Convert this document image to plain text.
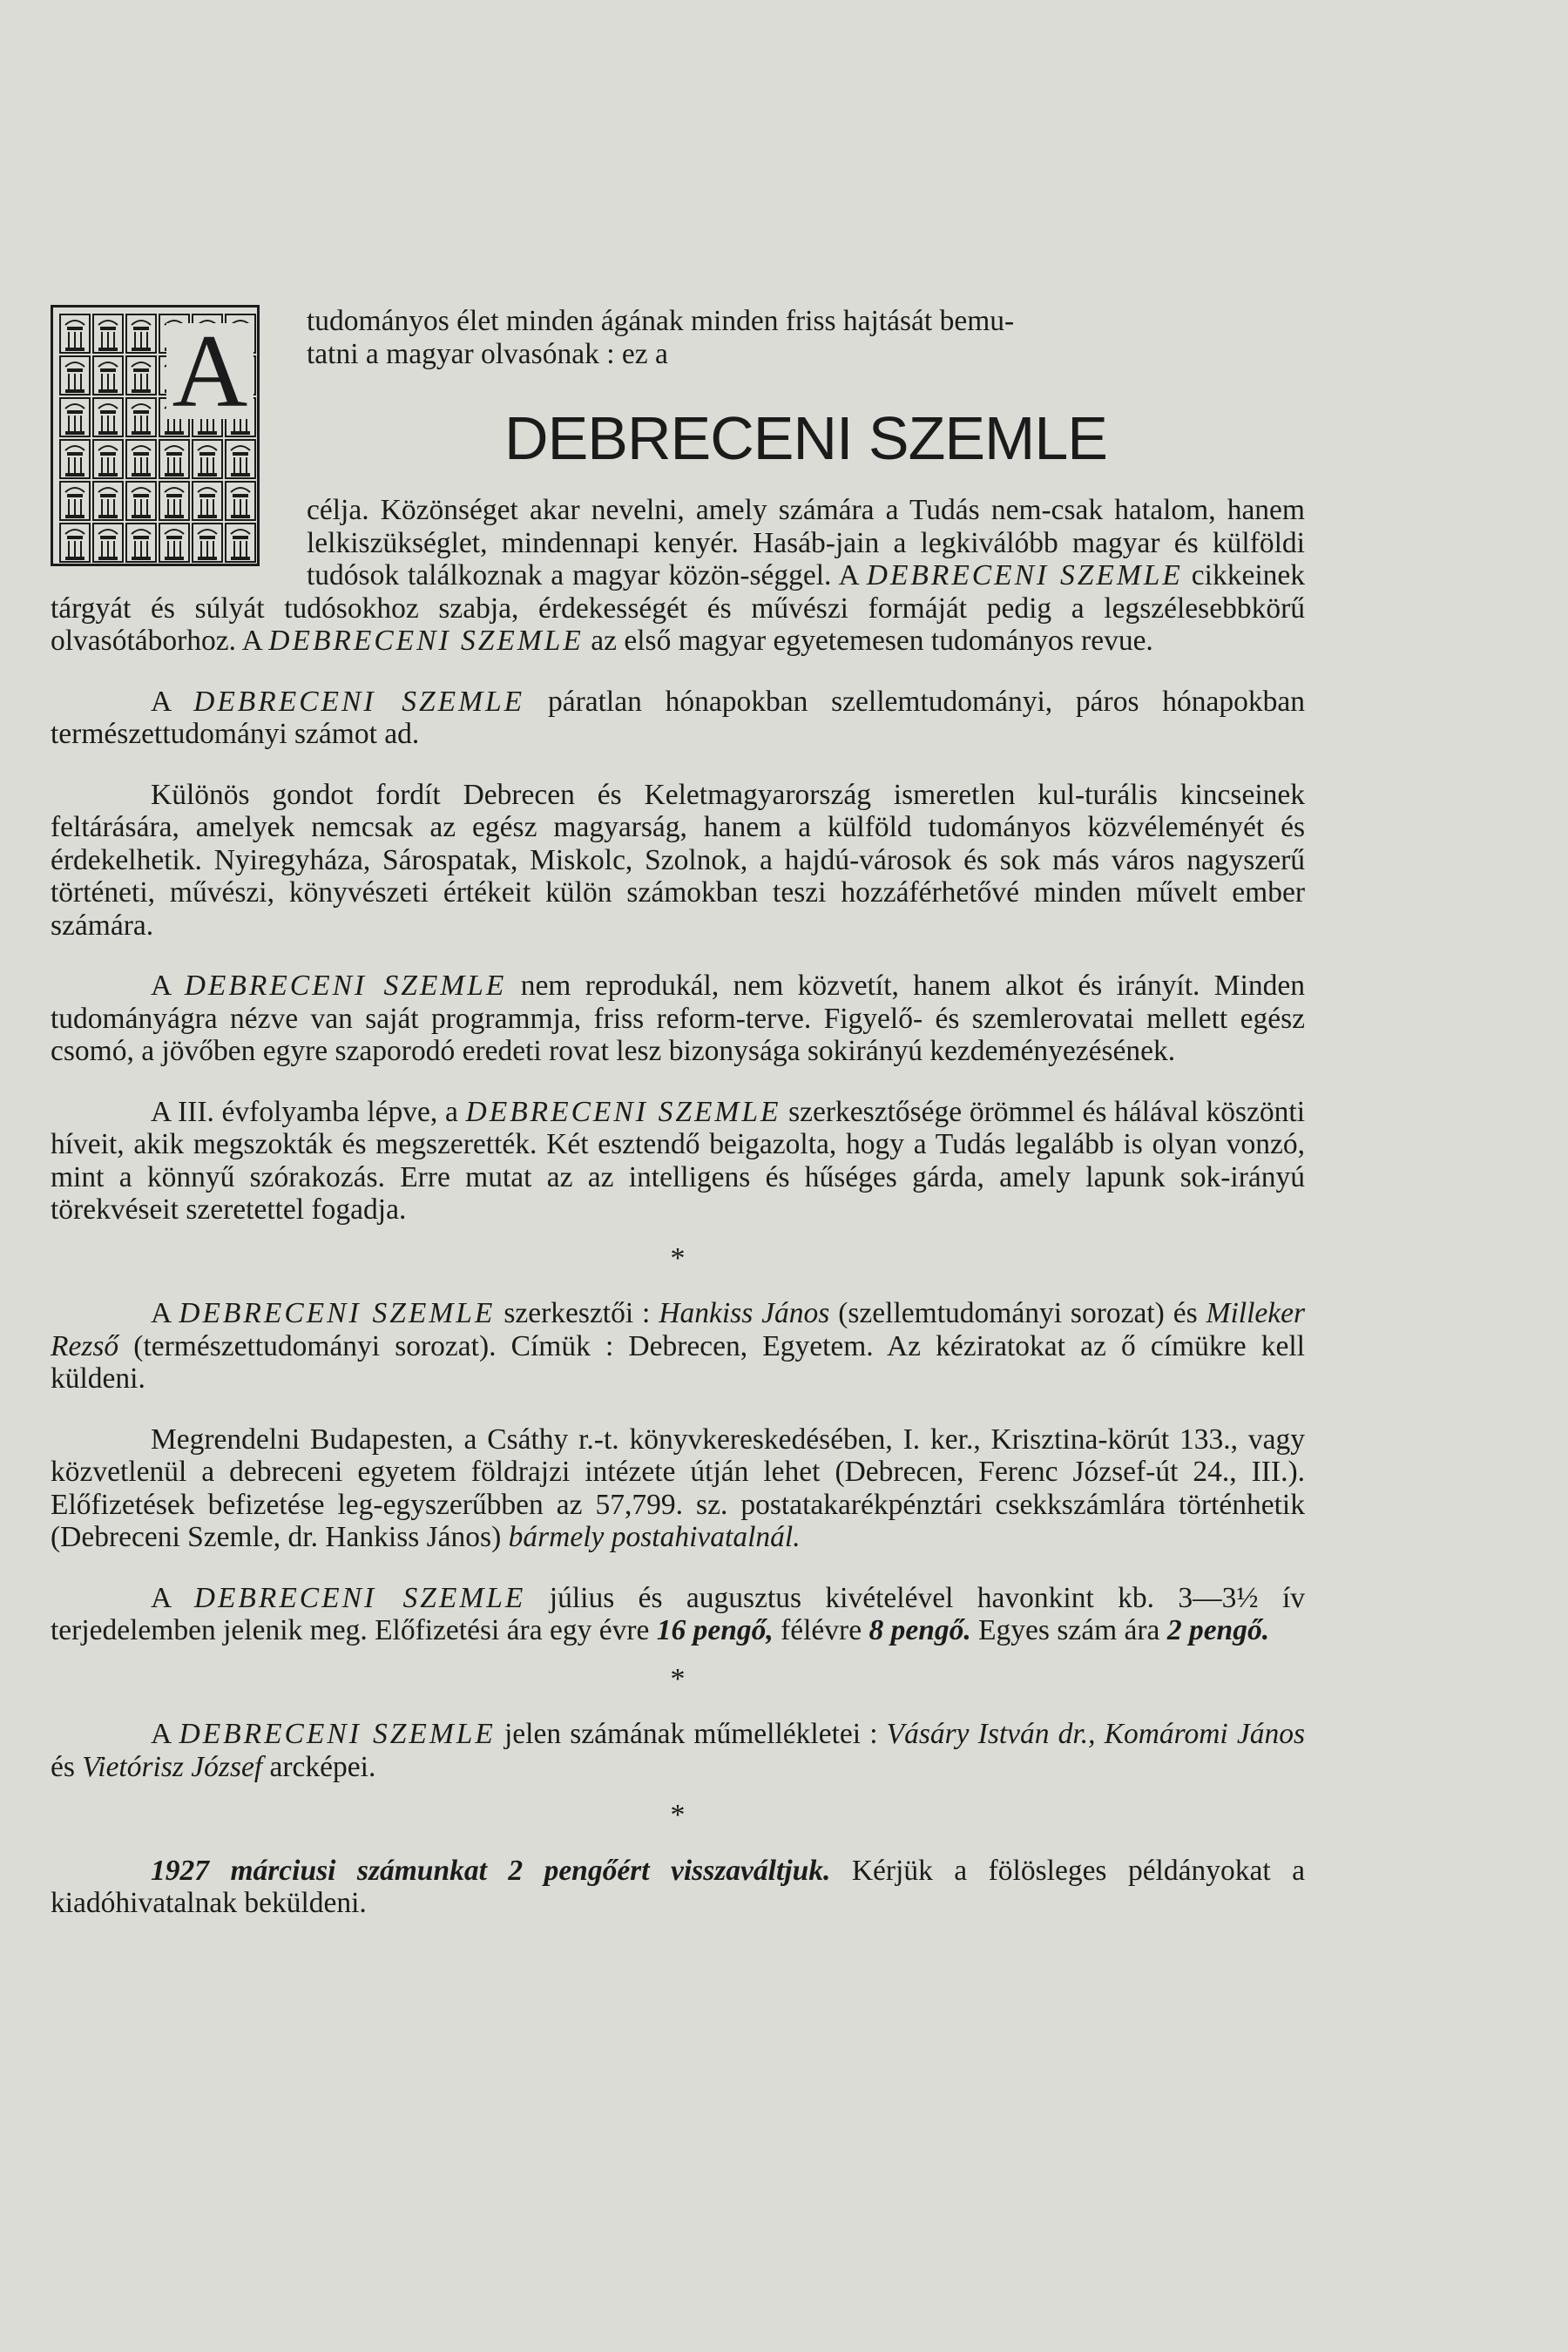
A	tudományos élet minden ágának minden friss hajtását bemu-
tatni a magyar olvasónak : ez a
DEBRECENI SZEMLE

célja. Közönséget akar nevelni, amely számára a Tudás nem-csak hatalom, hanem lelkiszükséglet, mindennapi kenyér. Hasáb-jain a legkiválóbb magyar és külföldi tudósok találkoznak a magyar közön-séggel. A DEBRECENI SZEMLE cikkeinek tárgyát és súlyát tudósokhoz szabja, érdekességét és művészi formáját pedig a legszélesebbkörű olvasótáborhoz. A DEBRECENI SZEMLE az első magyar egyetemesen tudományos revue.

A DEBRECENI SZEMLE páratlan hónapokban szellemtudományi, páros hónapokban természettudományi számot ad.

Különös gondot fordít Debrecen és Keletmagyarország ismeretlen kul-turális kincseinek feltárására, amelyek nemcsak az egész magyarság, hanem a külföld tudományos közvéleményét és érdekelhetik. Nyiregyháza, Sárospatak, Miskolc, Szolnok, a hajdú-városok és sok más város nagyszerű történeti, művészi, könyvészeti értékeit külön számokban teszi hozzáférhetővé minden művelt ember számára.

A DEBRECENI SZEMLE nem reprodukál, nem közvetít, hanem alkot és irányít. Minden tudományágra nézve van saját programmja, friss reform-terve. Figyelő- és szemlerovatai mellett egész csomó, a jövőben egyre szaporodó eredeti rovat lesz bizonysága sokirányú kezdeményezésének.

A III. évfolyamba lépve, a DEBRECENI SZEMLE szerkesztősége örömmel és hálával köszönti híveit, akik megszokták és megszerették. Két esztendő beigazolta, hogy a Tudás legalább is olyan vonzó, mint a könnyű szórakozás. Erre mutat az az intelligens és hűséges gárda, amely lapunk sok-irányú törekvéseit szeretettel fogadja.

*

A DEBRECENI SZEMLE szerkesztői : Hankiss János (szellemtudományi sorozat) és Milleker Rezső (természettudományi sorozat). Címük : Debrecen, Egyetem. Az kéziratokat az ő címükre kell küldeni.

Megrendelni Budapesten, a Csáthy r.-t. könyvkereskedésében, I. ker., Krisztina-körút 133., vagy közvetlenül a debreceni egyetem földrajzi intézete útján lehet (Debrecen, Ferenc József-út 24., III.). Előfizetések befizetése leg-egyszerűbben az 57,799. sz. postatakarékpénztári csekkszámlára történhetik (Debreceni Szemle, dr. Hankiss János) bármely postahivatalnál.

A DEBRECENI SZEMLE július és augusztus kivételével havonkint kb. 3—3½ ív terjedelemben jelenik meg. Előfizetési ára egy évre 16 pengő, félévre 8 pengő. Egyes szám ára 2 pengő.

*

A DEBRECENI SZEMLE jelen számának műmellékletei : Vásáry István dr., Komáromi János és Vietórisz József arcképei.

*

1927 márciusi számunkat 2 pengőért visszaváltjuk. Kérjük a fölösleges példányokat a kiadóhivatalnak beküldeni.
